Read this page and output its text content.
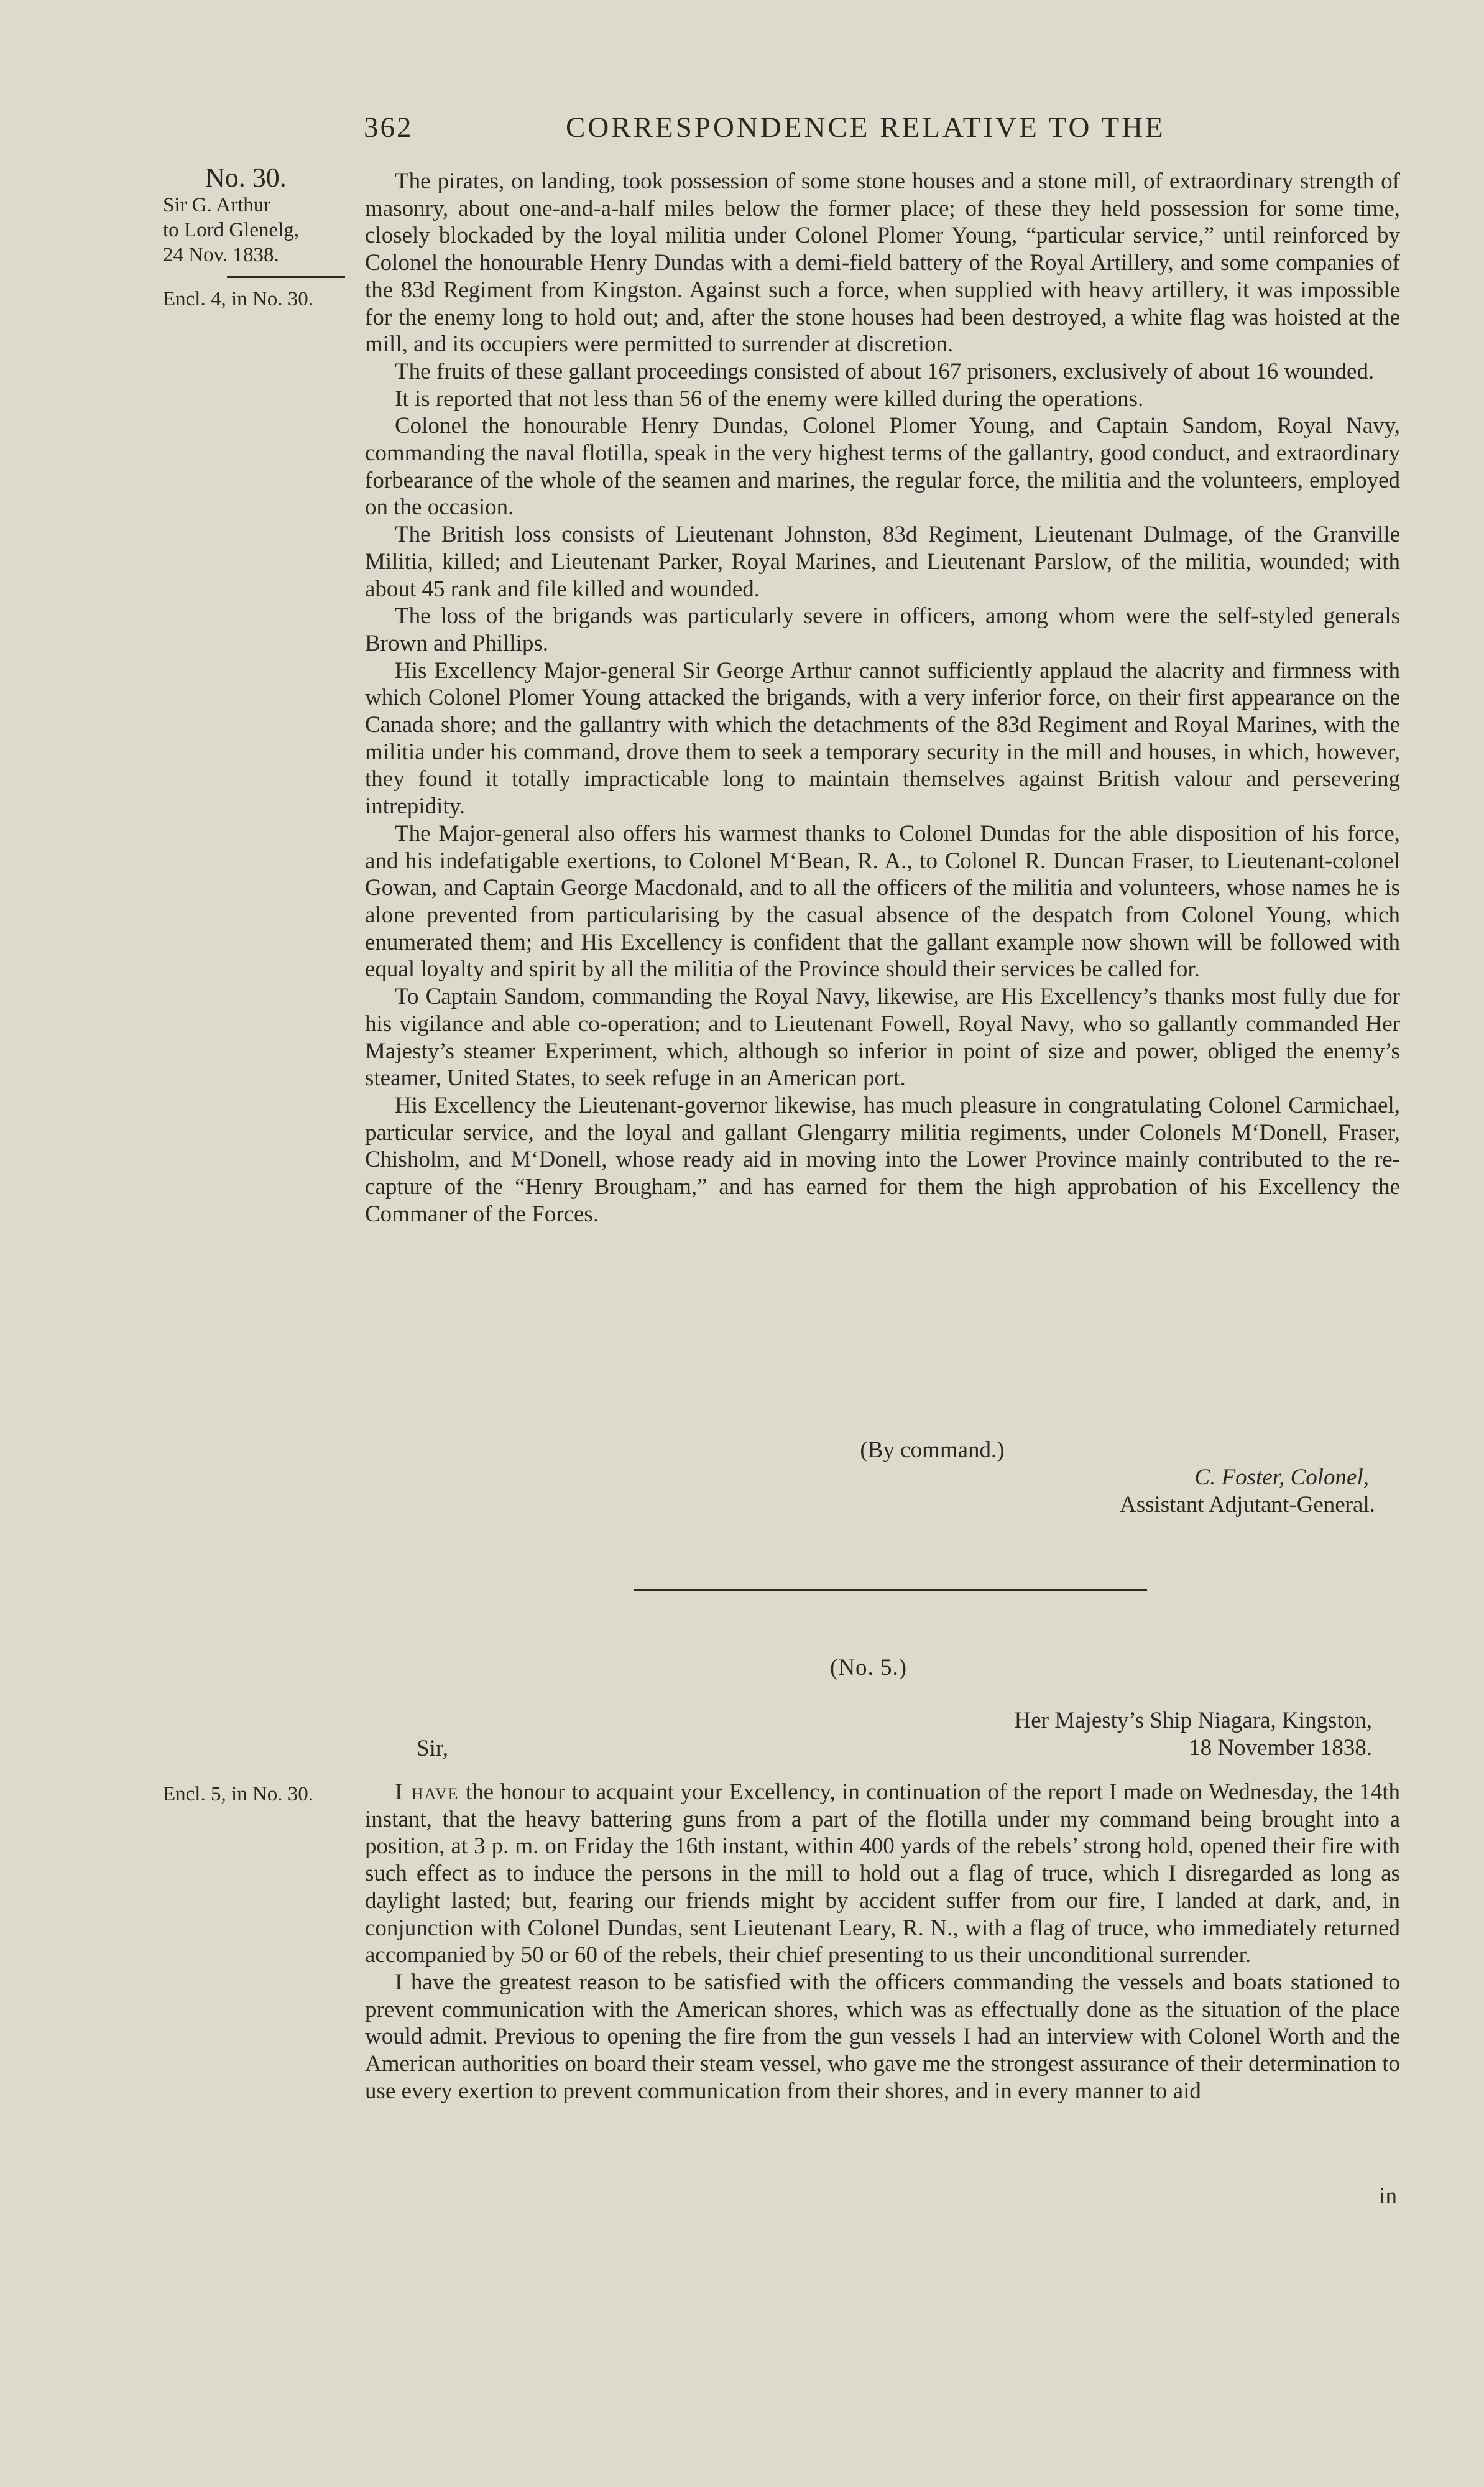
362	CORRESPONDENCE RELATIVE TO THE
No. 30.
Sir G. Arthur
to Lord Glenelg,
24 Nov. 1838.
Encl. 4, in No. 30.
Encl. 5, in No. 30.

The pirates, on landing, took possession of some stone houses and a stone mill, of extraordinary strength of masonry, about one-and-a-half miles below the former place; of these they held possession for some time, closely blockaded by the loyal militia under Colonel Plomer Young, “particular service,” until reinforced by Colonel the honourable Henry Dundas with a demi-field battery of the Royal Artillery, and some companies of the 83d Regiment from Kingston. Against such a force, when supplied with heavy artillery, it was impossible for the enemy long to hold out; and, after the stone houses had been destroyed, a white flag was hoisted at the mill, and its occupiers were permitted to surrender at discretion.

The fruits of these gallant proceedings consisted of about 167 prisoners, exclusively of about 16 wounded.

It is reported that not less than 56 of the enemy were killed during the operations.

Colonel the honourable Henry Dundas, Colonel Plomer Young, and Captain Sandom, Royal Navy, commanding the naval flotilla, speak in the very highest terms of the gallantry, good conduct, and extraordinary forbearance of the whole of the seamen and marines, the regular force, the militia and the volunteers, employed on the occasion.

The British loss consists of Lieutenant Johnston, 83d Regiment, Lieutenant Dulmage, of the Granville Militia, killed; and Lieutenant Parker, Royal Marines, and Lieutenant Parslow, of the militia, wounded; with about 45 rank and file killed and wounded.

The loss of the brigands was particularly severe in officers, among whom were the self-styled generals Brown and Phillips.

His Excellency Major-general Sir George Arthur cannot sufficiently applaud the alacrity and firmness with which Colonel Plomer Young attacked the brigands, with a very inferior force, on their first appearance on the Canada shore; and the gallantry with which the detachments of the 83d Regiment and Royal Marines, with the militia under his command, drove them to seek a temporary security in the mill and houses, in which, however, they found it totally impracticable long to maintain themselves against British valour and persevering intrepidity.

The Major-general also offers his warmest thanks to Colonel Dundas for the able disposition of his force, and his indefatigable exertions, to Colonel M‘Bean, R. A., to Colonel R. Duncan Fraser, to Lieutenant-colonel Gowan, and Captain George Macdonald, and to all the officers of the militia and volunteers, whose names he is alone prevented from particularising by the casual absence of the despatch from Colonel Young, which enumerated them; and His Excellency is confident that the gallant example now shown will be followed with equal loyalty and spirit by all the militia of the Province should their services be called for.

To Captain Sandom, commanding the Royal Navy, likewise, are His Excellency’s thanks most fully due for his vigilance and able co-operation; and to Lieutenant Fowell, Royal Navy, who so gallantly commanded Her Majesty’s steamer Experiment, which, although so inferior in point of size and power, obliged the enemy’s steamer, United States, to seek refuge in an American port.

His Excellency the Lieutenant-governor likewise, has much pleasure in congratulating Colonel Carmichael, particular service, and the loyal and gallant Glengarry militia regiments, under Colonels M‘Donell, Fraser, Chisholm, and M‘Donell, whose ready aid in moving into the Lower Province mainly contributed to the re-capture of the “Henry Brougham,” and has earned for them the high approbation of his Excellency the Commaner of the Forces.

(By command.)
C. Foster, Colonel,
Assistant Adjutant-General.
(No. 5.)
Her Majesty’s Ship Niagara, Kingston,
18 November 1838.
Sir,

I have the honour to acquaint your Excellency, in continuation of the report I made on Wednesday, the 14th instant, that the heavy battering guns from a part of the flotilla under my command being brought into a position, at 3 p. m. on Friday the 16th instant, within 400 yards of the rebels’ strong hold, opened their fire with such effect as to induce the persons in the mill to hold out a flag of truce, which I disregarded as long as daylight lasted; but, fearing our friends might by accident suffer from our fire, I landed at dark, and, in conjunction with Colonel Dundas, sent Lieutenant Leary, R. N., with a flag of truce, who immediately returned accompanied by 50 or 60 of the rebels, their chief presenting to us their unconditional surrender.

I have the greatest reason to be satisfied with the officers commanding the vessels and boats stationed to prevent communication with the American shores, which was as effectually done as the situation of the place would admit. Previous to opening the fire from the gun vessels I had an interview with Colonel Worth and the American authorities on board their steam vessel, who gave me the strongest assurance of their determination to use every exertion to prevent communication from their shores, and in every manner to aid

in
